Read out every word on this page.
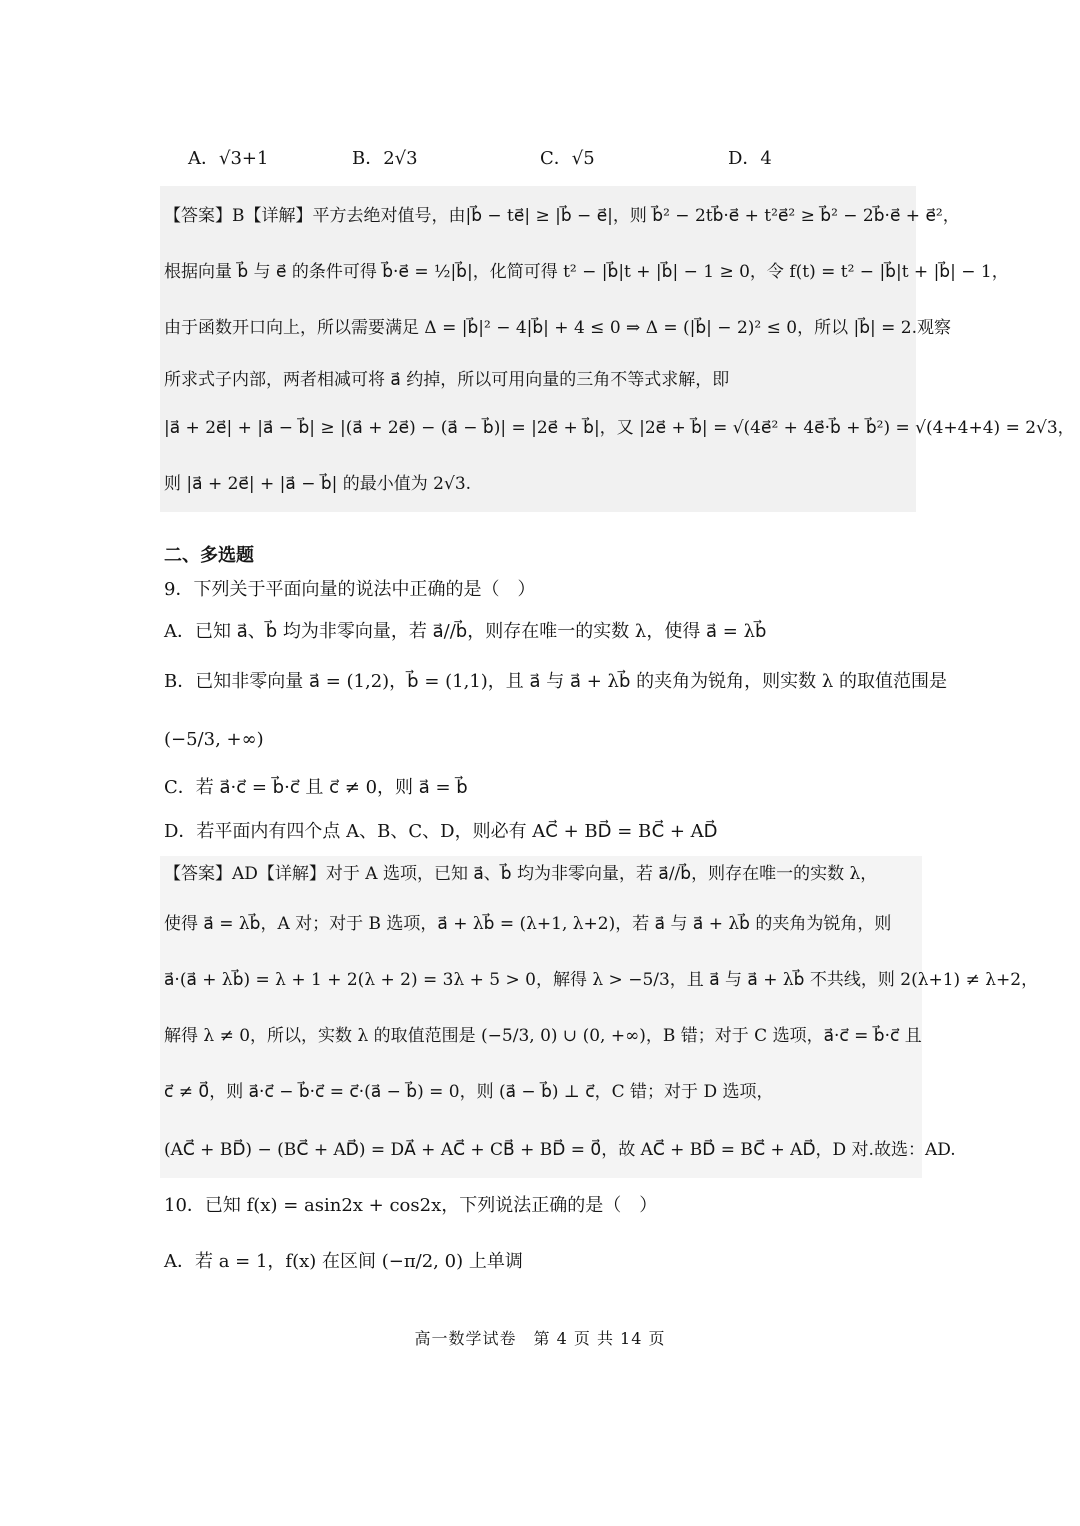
A．√3+1	B．2√3	C．√5	D．4
【答案】B【详解】平方去绝对值号，由|b⃗ − te⃗| ≥ |b⃗ − e⃗|，则 b⃗² − 2tb⃗·e⃗ + t²e⃗² ≥ b⃗² − 2b⃗·e⃗ + e⃗²，
根据向量 b⃗ 与 e⃗ 的条件可得 b⃗·e⃗ = ½|b⃗|，化简可得 t² − |b⃗|t + |b⃗| − 1 ≥ 0，令 f(t) = t² − |b⃗|t + |b⃗| − 1，
由于函数开口向上，所以需要满足 Δ = |b⃗|² − 4|b⃗| + 4 ≤ 0 ⇒ Δ = (|b⃗| − 2)² ≤ 0，所以 |b⃗| = 2.观察
所求式子内部，两者相减可将 a⃗ 约掉，所以可用向量的三角不等式求解，即
|a⃗ + 2e⃗| + |a⃗ − b⃗| ≥ |(a⃗ + 2e⃗) − (a⃗ − b⃗)| = |2e⃗ + b⃗|，又 |2e⃗ + b⃗| = √(4e⃗² + 4e⃗·b⃗ + b⃗²) = √(4+4+4) = 2√3，
则 |a⃗ + 2e⃗| + |a⃗ − b⃗| 的最小值为 2√3.
二、多选题
9．下列关于平面向量的说法中正确的是（　）
A．已知 a⃗、b⃗ 均为非零向量，若 a⃗//b⃗，则存在唯一的实数 λ，使得 a⃗ = λb⃗
B．已知非零向量 a⃗ = (1,2)，b⃗ = (1,1)，且 a⃗ 与 a⃗ + λb⃗ 的夹角为锐角，则实数 λ 的取值范围是
(−5/3, +∞)
C．若 a⃗·c⃗ = b⃗·c⃗ 且 c⃗ ≠ 0，则 a⃗ = b⃗
D．若平面内有四个点 A、B、C、D，则必有 AC⃗ + BD⃗ = BC⃗ + AD⃗
【答案】AD【详解】对于 A 选项，已知 a⃗、b⃗ 均为非零向量，若 a⃗//b⃗，则存在唯一的实数 λ，
使得 a⃗ = λb⃗，A 对；对于 B 选项，a⃗ + λb⃗ = (λ+1, λ+2)，若 a⃗ 与 a⃗ + λb⃗ 的夹角为锐角，则
a⃗·(a⃗ + λb⃗) = λ + 1 + 2(λ + 2) = 3λ + 5 > 0，解得 λ > −5/3，且 a⃗ 与 a⃗ + λb⃗ 不共线，则 2(λ+1) ≠ λ+2，
解得 λ ≠ 0，所以，实数 λ 的取值范围是 (−5/3, 0) ∪ (0, +∞)，B 错；对于 C 选项，a⃗·c⃗ = b⃗·c⃗ 且
c⃗ ≠ 0⃗，则 a⃗·c⃗ − b⃗·c⃗ = c⃗·(a⃗ − b⃗) = 0，则 (a⃗ − b⃗) ⊥ c⃗，C 错；对于 D 选项，
(AC⃗ + BD⃗) − (BC⃗ + AD⃗) = DA⃗ + AC⃗ + CB⃗ + BD⃗ = 0⃗，故 AC⃗ + BD⃗ = BC⃗ + AD⃗，D 对.故选：AD.
10．已知 f(x) = asin2x + cos2x，下列说法正确的是（　）
A．若 a = 1，f(x) 在区间 (−π/2, 0) 上单调
高一数学试卷　第 4 页 共 14 页
